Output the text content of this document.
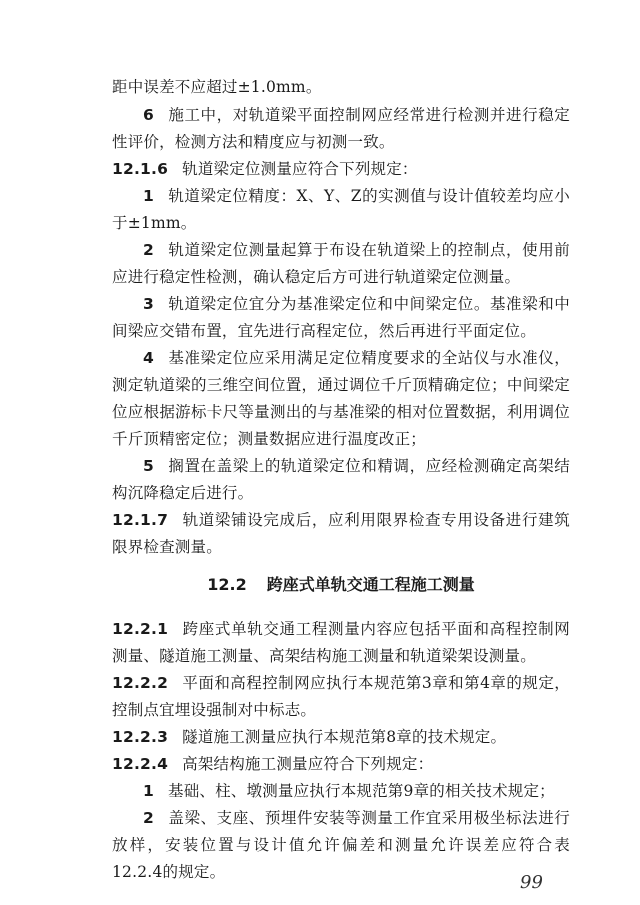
距中误差不应超过±1.0mm。

6 施工中，对轨道梁平面控制网应经常进行检测并进行稳定性评价，检测方法和精度应与初测一致。

12.1.6 轨道梁定位测量应符合下列规定：

1 轨道梁定位精度：X、Y、Z的实测值与设计值较差均应小于±1mm。

2 轨道梁定位测量起算于布设在轨道梁上的控制点，使用前应进行稳定性检测，确认稳定后方可进行轨道梁定位测量。

3 轨道梁定位宜分为基准梁定位和中间梁定位。基准梁和中间梁应交错布置，宜先进行高程定位，然后再进行平面定位。

4 基准梁定位应采用满足定位精度要求的全站仪与水准仪，测定轨道梁的三维空间位置，通过调位千斤顶精确定位；中间梁定位应根据游标卡尺等量测出的与基准梁的相对位置数据，利用调位千斤顶精密定位；测量数据应进行温度改正；

5 搁置在盖梁上的轨道梁定位和精调，应经检测确定高架结构沉降稳定后进行。

12.1.7 轨道梁铺设完成后，应利用限界检查专用设备进行建筑限界检查测量。

12.2 跨座式单轨交通工程施工测量

12.2.1 跨座式单轨交通工程测量内容应包括平面和高程控制网测量、隧道施工测量、高架结构施工测量和轨道梁架设测量。

12.2.2 平面和高程控制网应执行本规范第3章和第4章的规定，控制点宜埋设强制对中标志。

12.2.3 隧道施工测量应执行本规范第8章的技术规定。

12.2.4 高架结构施工测量应符合下列规定：

1 基础、柱、墩测量应执行本规范第9章的相关技术规定；

2 盖梁、支座、预埋件安装等测量工作宜采用极坐标法进行放样，安装位置与设计值允许偏差和测量允许误差应符合表12.2.4的规定。	99
